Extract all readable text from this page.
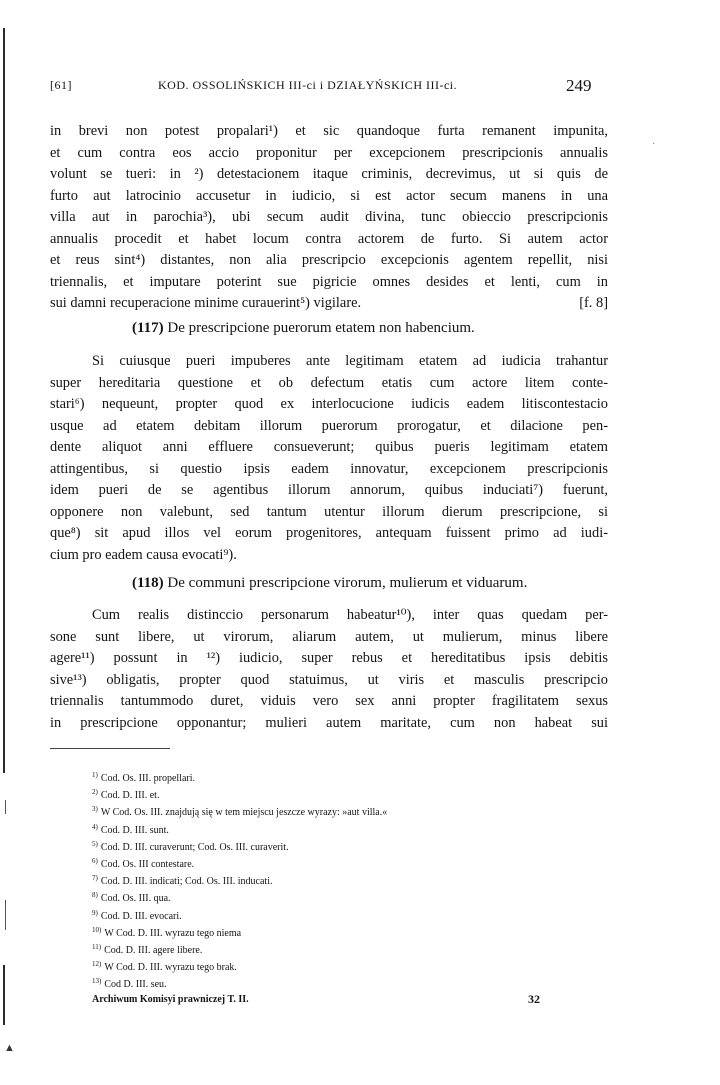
[61]	KOD. OSSOLIŃSKICH III-ci i DZIAŁYŃSKICH III-ci.	249
˙
in brevi non potest propalari¹) et sic quandoque furta remanent impunita,
et cum contra eos accio proponitur per excepcionem prescripcionis annualis
volunt se tueri: in ²) detestacionem itaque criminis, decrevimus, ut si quis de
furto aut latrocinio accusetur in iudicio, si est actor secum manens in una
villa aut in parochia³), ubi secum audit divina, tunc obieccio prescripcionis
annualis procedit et habet locum contra actorem de furto. Si autem actor
et reus sint⁴) distantes, non alia prescripcio excepcionis agentem repellit, nisi
triennalis, et imputare poterint sue pigricie omnes desides et lenti, cum in
sui damni recuperacione minime curauerint⁵) vigilare.	[f. 8]
(117) De prescripcione puerorum etatem non habencium.
Si cuiusque pueri impuberes ante legitimam etatem ad iudicia trahantur
super hereditaria questione et ob defectum etatis cum actore litem conte-
stari⁶) nequeunt, propter quod ex interlocucione iudicis eadem litiscontestacio
usque ad etatem debitam illorum puerorum prorogatur, et dilacione pen-
dente aliquot anni effluere consueverunt; quibus pueris legitimam etatem
attingentibus, si questio ipsis eadem innovatur, excepcionem prescripcionis
idem pueri de se agentibus illorum annorum, quibus induciati⁷) fuerunt,
opponere non valebunt, sed tantum utentur illorum dierum prescripcione, si
que⁸) sit apud illos vel eorum progenitores, antequam fuissent primo ad iudi-
cium pro eadem causa evocati⁹).
(118) De communi prescripcione virorum, mulierum et viduarum.
Cum realis distinccio personarum habeatur¹⁰), inter quas quedam per-
sone sunt libere, ut virorum, aliarum autem, ut mulierum, minus libere
agere¹¹) possunt in ¹²) iudicio, super rebus et hereditatibus ipsis debitis
sive¹³) obligatis, propter quod statuimus, ut viris et masculis prescripcio
triennalis tantummodo duret, viduis vero sex anni propter fragilitatem sexus
in prescripcione opponantur; mulieri autem maritate, cum non habeat sui
$^{1)}$ Cod. Os. III. propellari.
$^{2)}$ Cod. D. III. et.
$^{3)}$ W Cod. Os. III. znajdują się w tem miejscu jeszcze wyrazy: »aut villa.«
$^{4)}$ Cod. D. III. sunt.
$^{5)}$ Cod. D. III. curaverunt; Cod. Os. III. curaverit.
$^{6)}$ Cod. Os. III contestare.
$^{7)}$ Cod. D. III. indicati; Cod. Os. III. inducati.
$^{8)}$ Cod. Os. III. qua.
$^{9)}$ Cod. D. III. evocari.
$^{10)}$ W Cod. D. III. wyrazu tego niema
$^{11)}$ Cod. D. III. agere libere.
$^{12)}$ W Cod. D. III. wyrazu tego brak.
$^{13)}$ Cod D. III. seu.
Archiwum Komisyi prawniczej T. II.	32
▲
